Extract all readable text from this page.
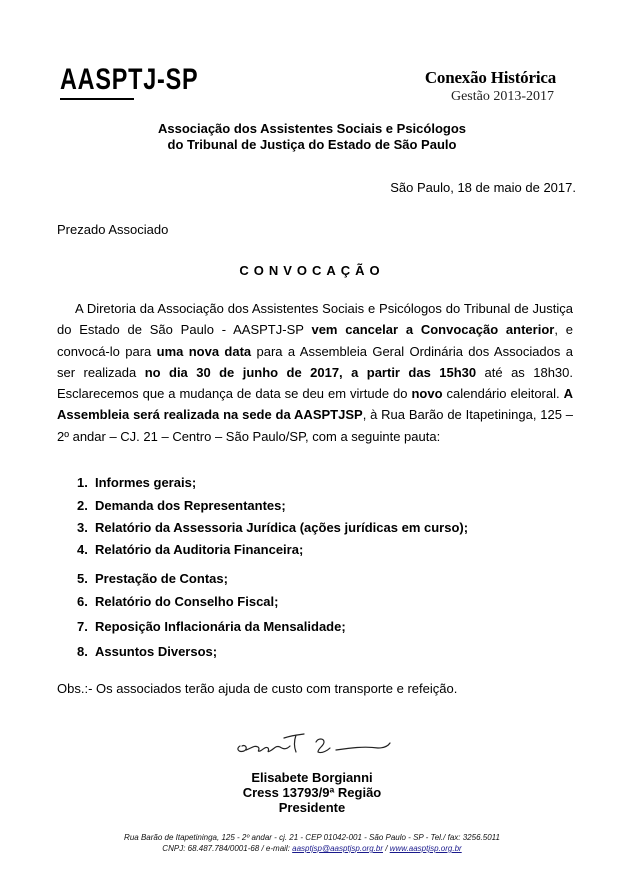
AASPTJ-SP	Conexão Histórica
Gestão 2013-2017
Associação dos Assistentes Sociais e Psicólogos
do Tribunal de Justiça do Estado de São Paulo
São Paulo, 18 de maio de 2017.
Prezado Associado
CONVOCAÇÃO
A Diretoria da Associação dos Assistentes Sociais e Psicólogos do Tribunal de Justiça do Estado de São Paulo - AASPTJ-SP vem cancelar a Convocação anterior, e convocá-lo para uma nova data para a Assembleia Geral Ordinária dos Associados a ser realizada no dia 30 de junho de 2017, a partir das 15h30 até as 18h30. Esclarecemos que a mudança de data se deu em virtude do novo calendário eleitoral. A Assembleia será realizada na sede da AASPTJSP, à Rua Barão de Itapetininga, 125 – 2º andar – CJ. 21 – Centro – São Paulo/SP, com a seguinte pauta:
1. Informes gerais;
2. Demanda dos Representantes;
3. Relatório da Assessoria Jurídica (ações jurídicas em curso);
4. Relatório da Auditoria Financeira;
5. Prestação de Contas;
6. Relatório do Conselho Fiscal;
7. Reposição Inflacionária da Mensalidade;
8. Assuntos Diversos;
Obs.:- Os associados terão ajuda de custo com transporte e refeição.
Elisabete Borgianni
Cress 13793/9ª Região
Presidente
Rua Barão de Itapetininga, 125 - 2º andar - cj. 21 - CEP 01042-001 - São Paulo - SP - Tel./ fax: 3256.5011
CNPJ: 68.487.784/0001-68 / e-mail: aasptjsp@aasptjsp.org.br / www.aasptjsp.org.br
